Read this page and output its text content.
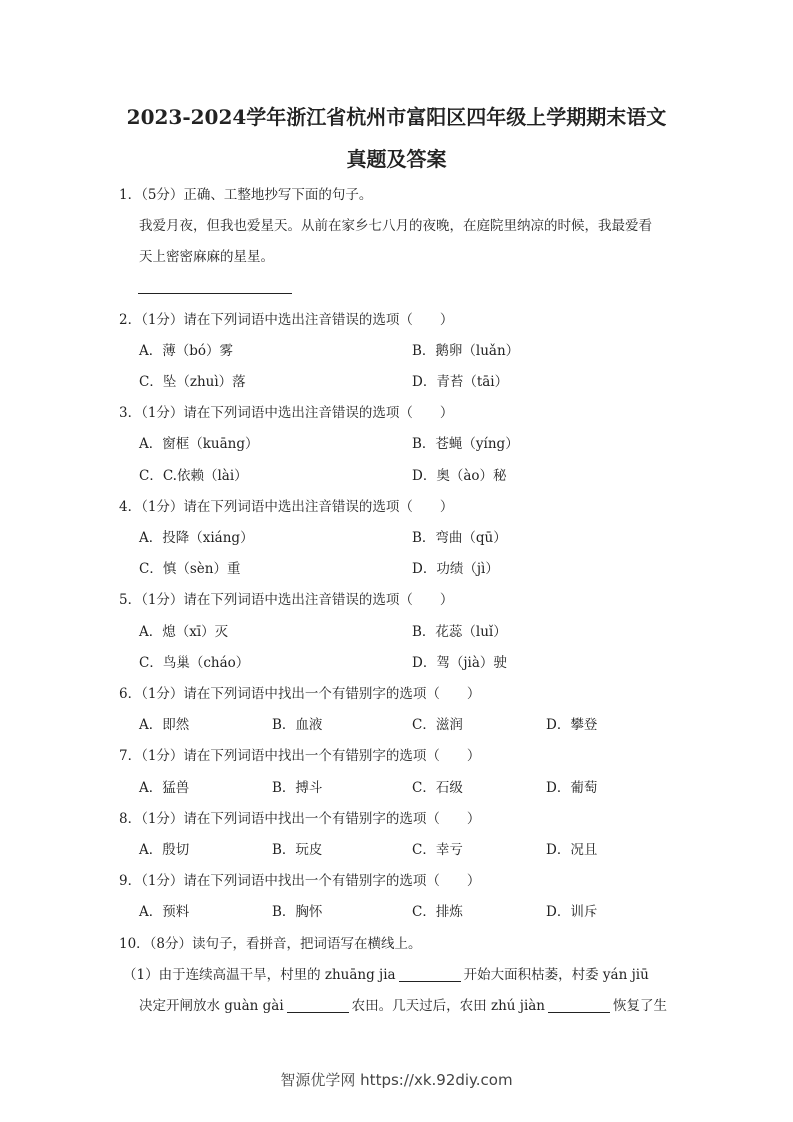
2023-2024学年浙江省杭州市富阳区四年级上学期期末语文
真题及答案
1．（5分）正确、工整地抄写下面的句子。
我爱月夜，但我也爱星天。从前在家乡七八月的夜晚，在庭院里纳凉的时候，我最爱看
天上密密麻麻的星星。
2．（1分）请在下列词语中选出注音错误的选项（　　）
A．薄（bó）雾	B．鹅卵（luǎn）
C．坠（zhuì）落	D．青苔（tāi）
3．（1分）请在下列词语中选出注音错误的选项（　　）
A．窗框（kuāng）	B．苍蝇（yíng）
C．C.依赖（lài）	D．奥（ào）秘
4．（1分）请在下列词语中选出注音错误的选项（　　）
A．投降（xiáng）	B．弯曲（qū）
C．慎（sèn）重	D．功绩（jì）
5．（1分）请在下列词语中选出注音错误的选项（　　）
A．熄（xī）灭	B．花蕊（luǐ）
C．鸟巢（cháo）	D．驾（jià）驶
6．（1分）请在下列词语中找出一个有错别字的选项（　　）
A．即然	B．血液	C．滋润	D．攀登
7．（1分）请在下列词语中找出一个有错别字的选项（　　）
A．猛兽	B．搏斗	C．石级	D．葡萄
8．（1分）请在下列词语中找出一个有错别字的选项（　　）
A．殷切	B．玩皮	C．幸亏	D．况且
9．（1分）请在下列词语中找出一个有错别字的选项（　　）
A．预料	B．胸怀	C．排炼	D．训斥
10．（8分）读句子，看拼音，把词语写在横线上。
（1）由于连续高温干旱，村里的 zhuāng jia	开始大面积枯萎，村委 yán jiū
决定开闸放水 guàn gài	农田。几天过后，农田 zhú jiàn	恢复了生
智源优学网 https://xk.92diy.com
